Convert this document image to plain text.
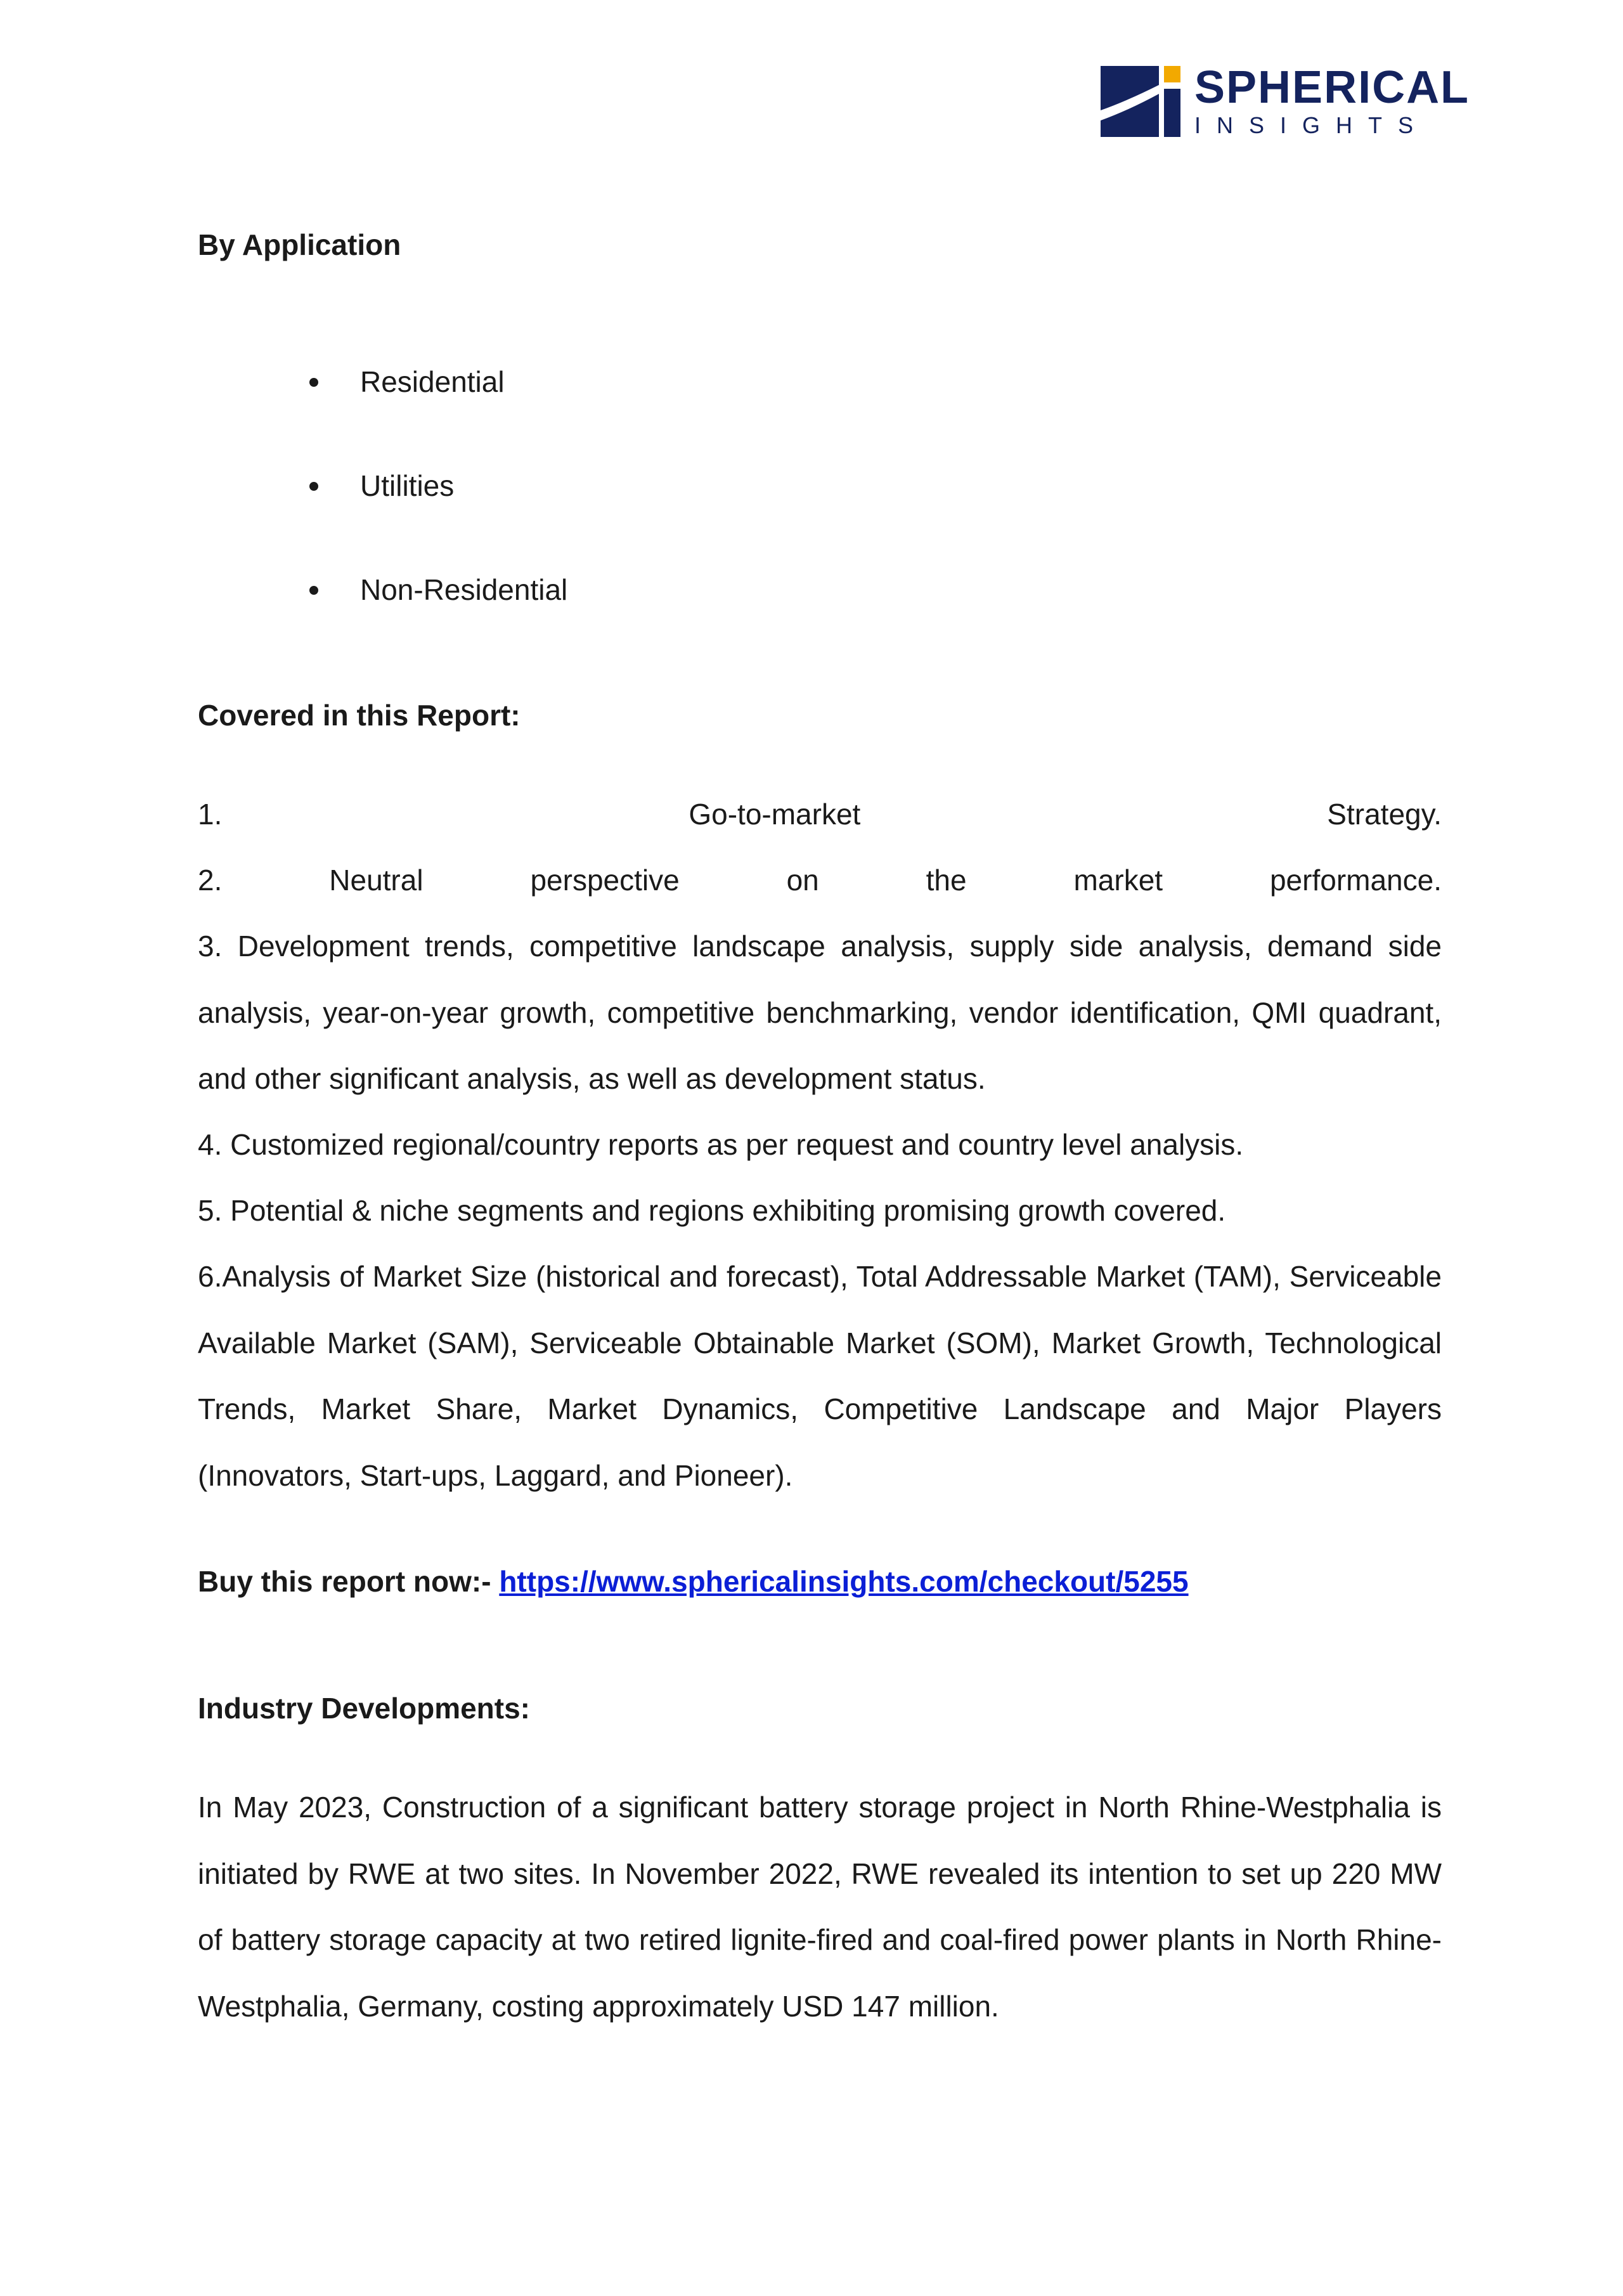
SPHERICAL
INSIGHTS
By Application
Residential
Utilities
Non-Residential
Covered in this Report:
1.	Go-to-market	Strategy.
2.	Neutral	perspective	on	the	market	performance.

3. Development trends, competitive landscape analysis, supply side analysis, demand side analysis, year-on-year growth, competitive benchmarking, vendor identification, QMI quadrant, and other significant analysis, as well as development status.

4. Customized regional/country reports as per request and country level analysis.

5. Potential & niche segments and regions exhibiting promising growth covered.

6.Analysis of Market Size (historical and forecast), Total Addressable Market (TAM), Serviceable Available Market (SAM), Serviceable Obtainable Market (SOM), Market Growth, Technological Trends, Market Share, Market Dynamics, Competitive Landscape and Major Players (Innovators, Start-ups, Laggard, and Pioneer).

Buy this report now:- https://www.sphericalinsights.com/checkout/5255
Industry Developments:

In May 2023, Construction of a significant battery storage project in North Rhine-Westphalia is initiated by RWE at two sites. In November 2022, RWE revealed its intention to set up 220 MW of battery storage capacity at two retired lignite-fired and coal-fired power plants in North Rhine-Westphalia, Germany, costing approximately USD 147 million.
